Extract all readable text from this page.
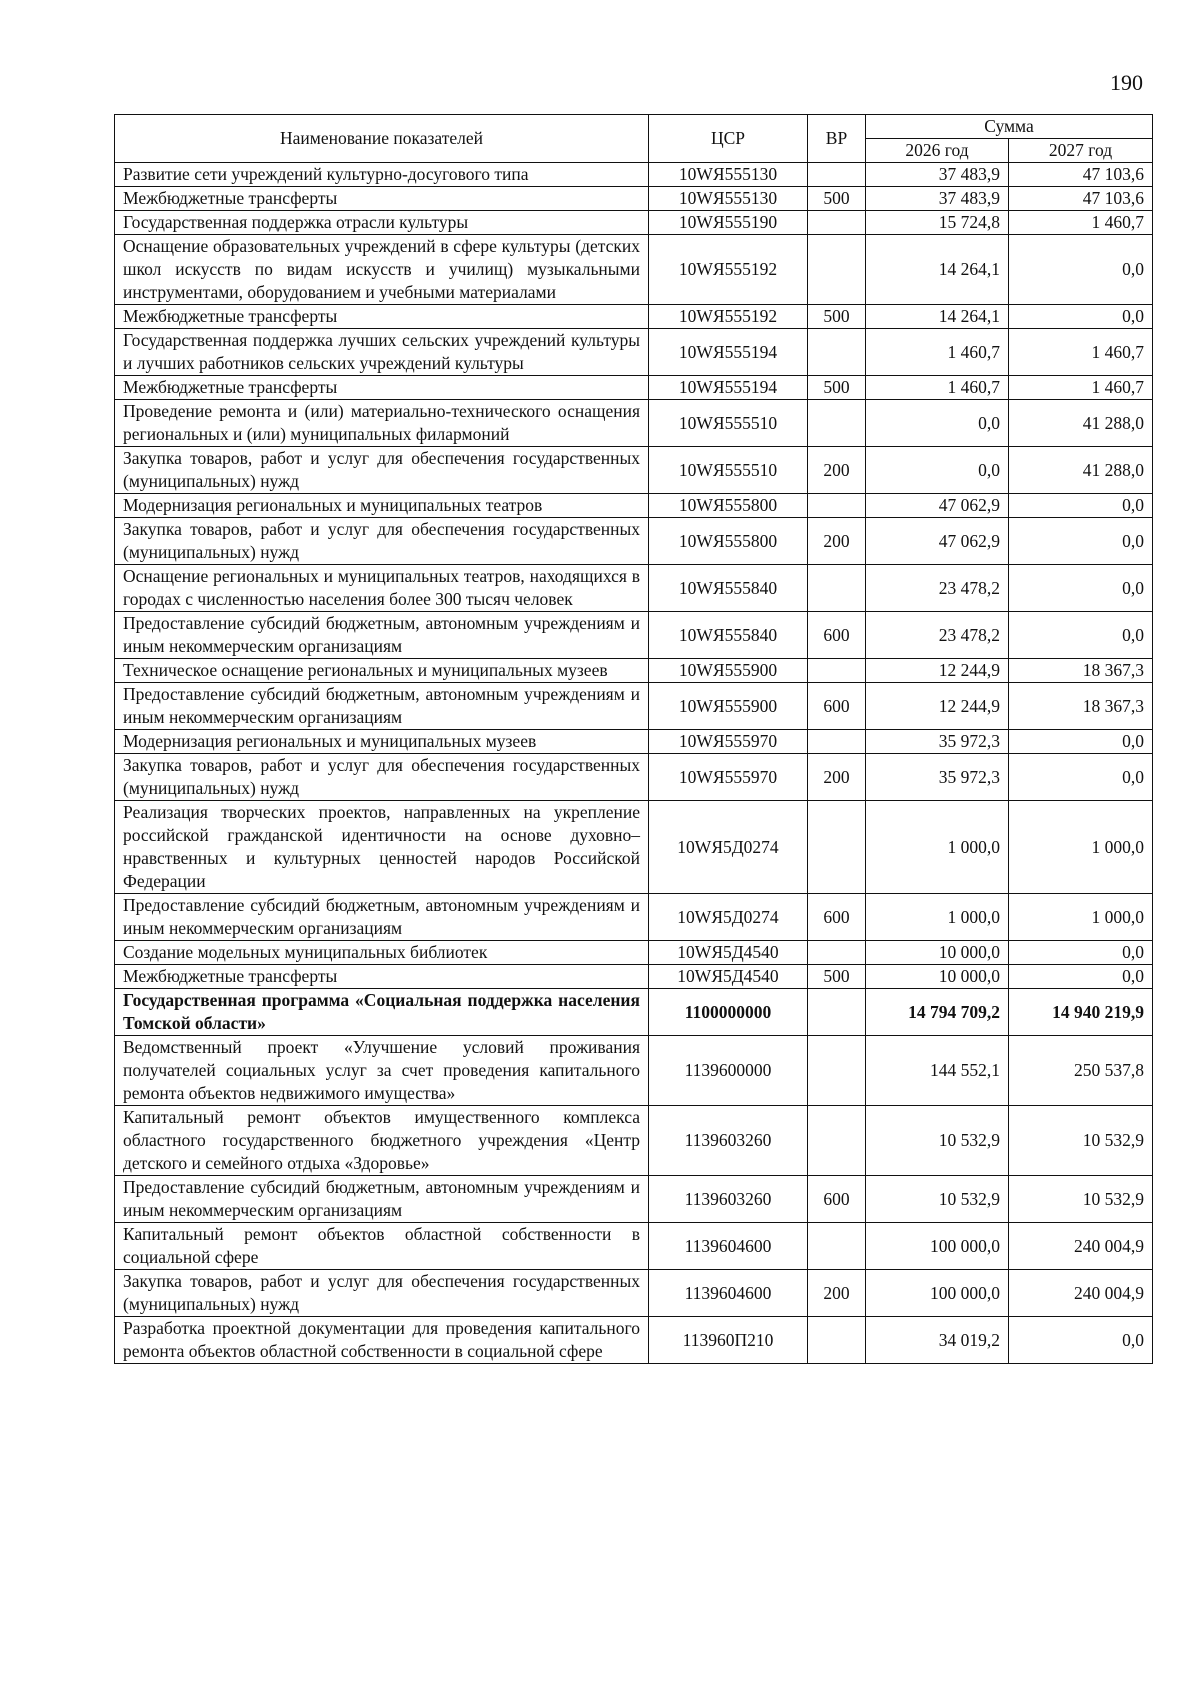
190
Наименование показателей	ЦСР	ВР	Сумма	
			2026 год	2027 год
Развитие сети учреждений культурно-досугового типа	10WЯ555130		37 483,9	47 103,6
Межбюджетные трансферты	10WЯ555130	500	37 483,9	47 103,6
Государственная поддержка отрасли культуры	10WЯ555190		15 724,8	1 460,7
Оснащение образовательных учреждений в сфере культуры (детских школ искусств по видам искусств и училищ) музыкальными инструментами, оборудованием и учебными материалами	10WЯ555192		14 264,1	0,0
Межбюджетные трансферты	10WЯ555192	500	14 264,1	0,0
Государственная поддержка лучших сельских учреждений культуры и лучших работников сельских учреждений культуры	10WЯ555194		1 460,7	1 460,7
Межбюджетные трансферты	10WЯ555194	500	1 460,7	1 460,7
Проведение ремонта и (или) материально-технического оснащения региональных и (или) муниципальных филармоний	10WЯ555510		0,0	41 288,0
Закупка товаров, работ и услуг для обеспечения государственных (муниципальных) нужд	10WЯ555510	200	0,0	41 288,0
Модернизация региональных и муниципальных театров	10WЯ555800		47 062,9	0,0
Закупка товаров, работ и услуг для обеспечения государственных (муниципальных) нужд	10WЯ555800	200	47 062,9	0,0
Оснащение региональных и муниципальных театров, находящихся в городах с численностью населения более 300 тысяч человек	10WЯ555840		23 478,2	0,0
Предоставление субсидий бюджетным, автономным учреждениям и иным некоммерческим организациям	10WЯ555840	600	23 478,2	0,0
Техническое оснащение региональных и муниципальных музеев	10WЯ555900		12 244,9	18 367,3
Предоставление субсидий бюджетным, автономным учреждениям и иным некоммерческим организациям	10WЯ555900	600	12 244,9	18 367,3
Модернизация региональных и муниципальных музеев	10WЯ555970		35 972,3	0,0
Закупка товаров, работ и услуг для обеспечения государственных (муниципальных) нужд	10WЯ555970	200	35 972,3	0,0
Реализация творческих проектов, направленных на укрепление российской гражданской идентичности на основе духовно–нравственных и культурных ценностей народов Российской Федерации	10WЯ5Д0274		1 000,0	1 000,0
Предоставление субсидий бюджетным, автономным учреждениям и иным некоммерческим организациям	10WЯ5Д0274	600	1 000,0	1 000,0
Создание модельных муниципальных библиотек	10WЯ5Д4540		10 000,0	0,0
Межбюджетные трансферты	10WЯ5Д4540	500	10 000,0	0,0
Государственная программа «Социальная поддержка населения Томской области»	1100000000		14 794 709,2	14 940 219,9
Ведомственный проект «Улучшение условий проживания получателей социальных услуг за счет проведения капитального ремонта объектов недвижимого имущества»	1139600000		144 552,1	250 537,8
Капитальный ремонт объектов имущественного комплекса областного государственного бюджетного учреждения «Центр детского и семейного отдыха «Здоровье»	1139603260		10 532,9	10 532,9
Предоставление субсидий бюджетным, автономным учреждениям и иным некоммерческим организациям	1139603260	600	10 532,9	10 532,9
Капитальный ремонт объектов областной собственности в социальной сфере	1139604600		100 000,0	240 004,9
Закупка товаров, работ и услуг для обеспечения государственных (муниципальных) нужд	1139604600	200	100 000,0	240 004,9
Разработка проектной документации для проведения капитального ремонта объектов областной собственности в социальной сфере	113960П210		34 019,2	0,0
